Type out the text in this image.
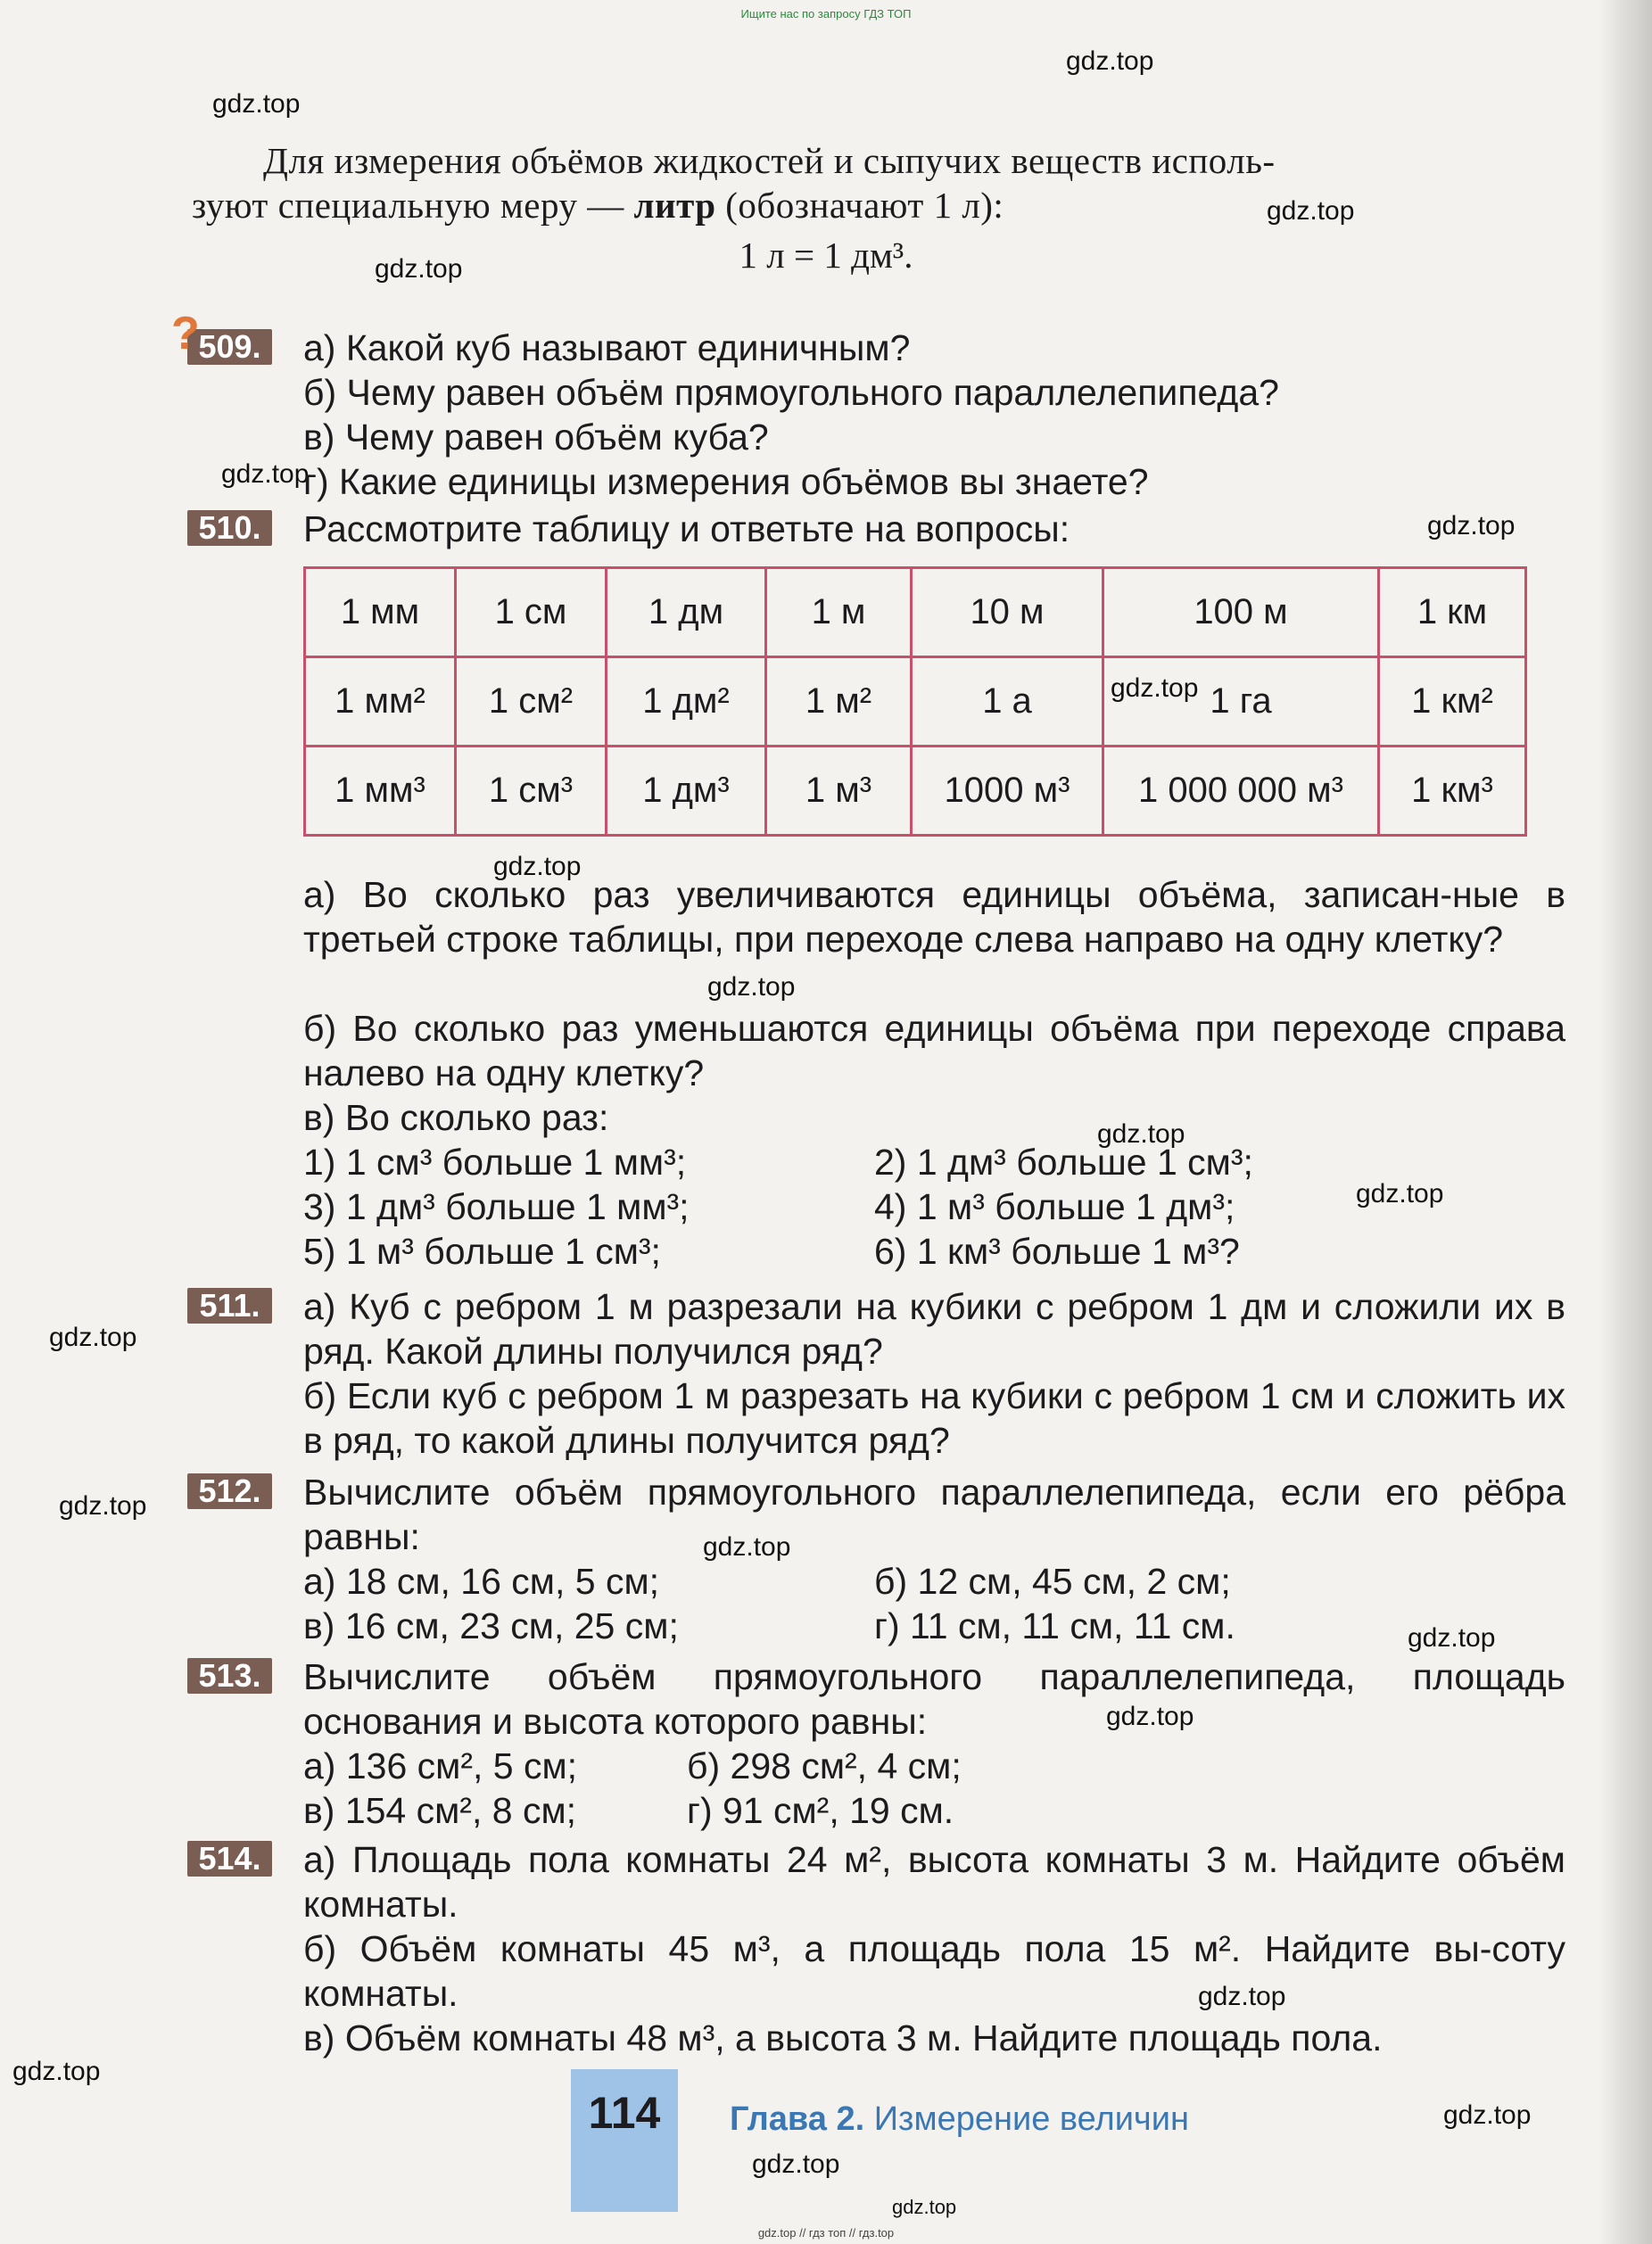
Ищите нас по запросу ГДЗ ТОП
gdz.top
gdz.top
gdz.top
gdz.top
gdz.top
gdz.top
gdz.top
gdz.top
gdz.top
gdz.top
gdz.top
gdz.top
gdz.top
gdz.top
gdz.top
gdz.top
gdz.top
gdz.top
gdz.top
gdz.top
Для измерения объёмов жидкостей и сыпучих веществ исполь-
зуют специальную меру — литр (обозначают 1 л):
1 л = 1 дм³.
?
509.	а) Какой куб называют единичным?
б) Чему равен объём прямоугольного параллелепипеда?
в) Чему равен объём куба?
г) Какие единицы измерения объёмов вы знаете?
510.	Рассмотрите таблицу и ответьте на вопросы:
1 мм	1 см	1 дм	1 м	10 м	100 м	1 км
1 мм²	1 см²	1 дм²	1 м²	1 а	1 га	1 км²
1 мм³	1 см³	1 дм³	1 м³	1000 м³	1 000 000 м³	1 км³
а) Во сколько раз увеличиваются единицы объёма, записан-ные в третьей строке таблицы, при переходе слева направо на одну клетку?
б) Во сколько раз уменьшаются единицы объёма при переходе справа налево на одну клетку?
в) Во сколько раз:
1) 1 см³ больше 1 мм³;	2) 1 дм³ больше 1 см³;
3) 1 дм³ больше 1 мм³;	4) 1 м³ больше 1 дм³;
5) 1 м³ больше 1 см³;	6) 1 км³ больше 1 м³?
511.	а) Куб с ребром 1 м разрезали на кубики с ребром 1 дм и сложили их в ряд. Какой длины получился ряд?
б) Если куб с ребром 1 м разрезать на кубики с ребром 1 см и сложить их в ряд, то какой длины получится ряд?
512.	Вычислите объём прямоугольного параллелепипеда, если его рёбра равны:
а) 18 см, 16 см, 5 см;	б) 12 см, 45 см, 2 см;
в) 16 см, 23 см, 25 см;	г) 11 см, 11 см, 11 см.
513.	Вычислите объём прямоугольного параллелепипеда, площадь основания и высота которого равны:
а) 136 см², 5 см;	б) 298 см², 4 см;
в) 154 см², 8 см;	г) 91 см², 19 см.
514.	а) Площадь пола комнаты 24 м², высота комнаты 3 м. Найдите объём комнаты.
б) Объём комнаты 45 м³, а площадь пола 15 м². Найдите вы-соту комнаты.
в) Объём комнаты 48 м³, а высота 3 м. Найдите площадь пола.
114	Глава 2. Измерение величин
gdz.top // гдз топ // гдз.top
gdz.top
